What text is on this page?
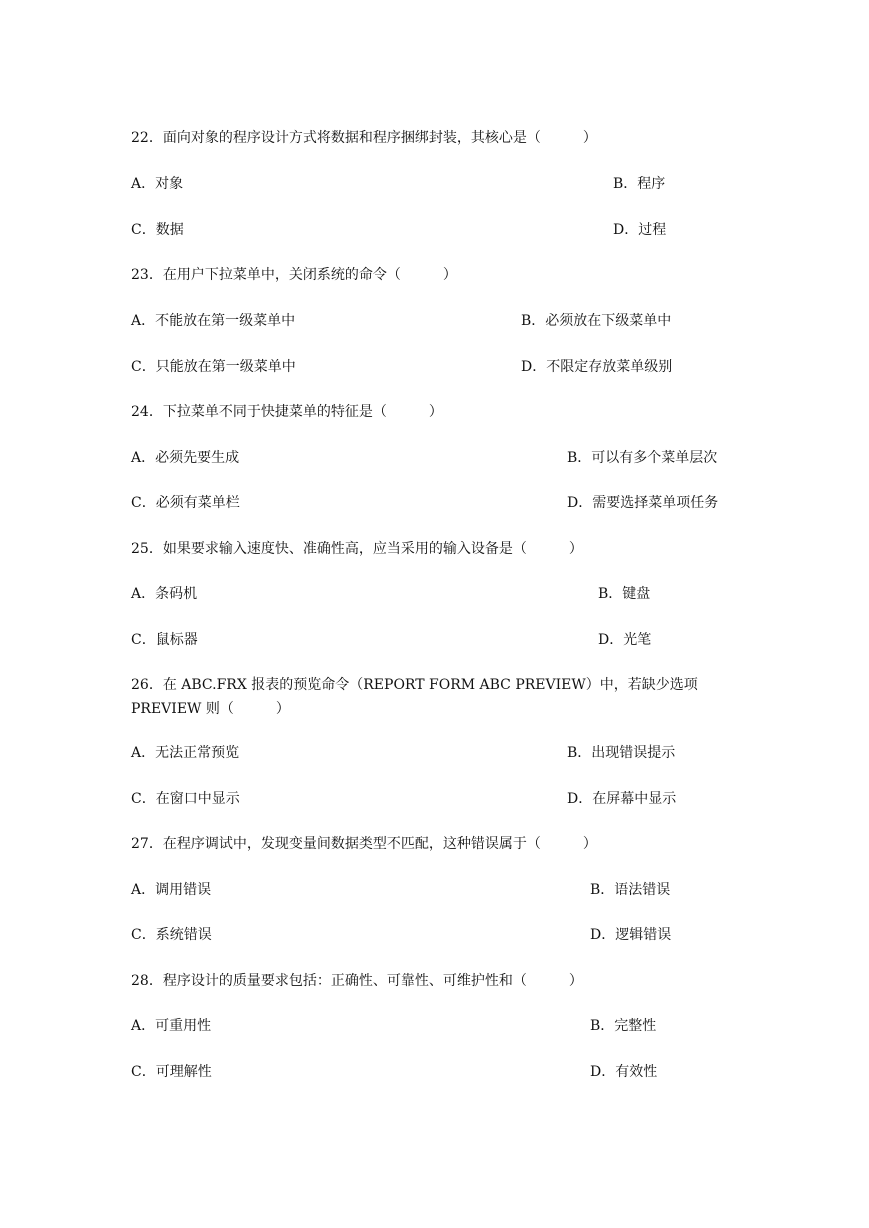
22．面向对象的程序设计方式将数据和程序捆绑封装，其核心是（　　　）
A．对象	B．程序
C．数据	D．过程
23．在用户下拉菜单中，关闭系统的命令（　　　）
A．不能放在第一级菜单中	B．必须放在下级菜单中
C．只能放在第一级菜单中	D．不限定存放菜单级别
24．下拉菜单不同于快捷菜单的特征是（　　　）
A．必须先要生成	B．可以有多个菜单层次
C．必须有菜单栏	D．需要选择菜单项任务
25．如果要求输入速度快、准确性高，应当采用的输入设备是（　　　）
A．条码机	B．键盘
C．鼠标器	D．光笔
26．在 ABC.FRX 报表的预览命令（REPORT FORM ABC PREVIEW）中，若缺少选项 PREVIEW 则（　　　）
A．无法正常预览	B．出现错误提示
C．在窗口中显示	D．在屏幕中显示
27．在程序调试中，发现变量间数据类型不匹配，这种错误属于（　　　）
A．调用错误	B．语法错误
C．系统错误	D．逻辑错误
28．程序设计的质量要求包括：正确性、可靠性、可维护性和（　　　）
A．可重用性	B．完整性
C．可理解性	D．有效性
